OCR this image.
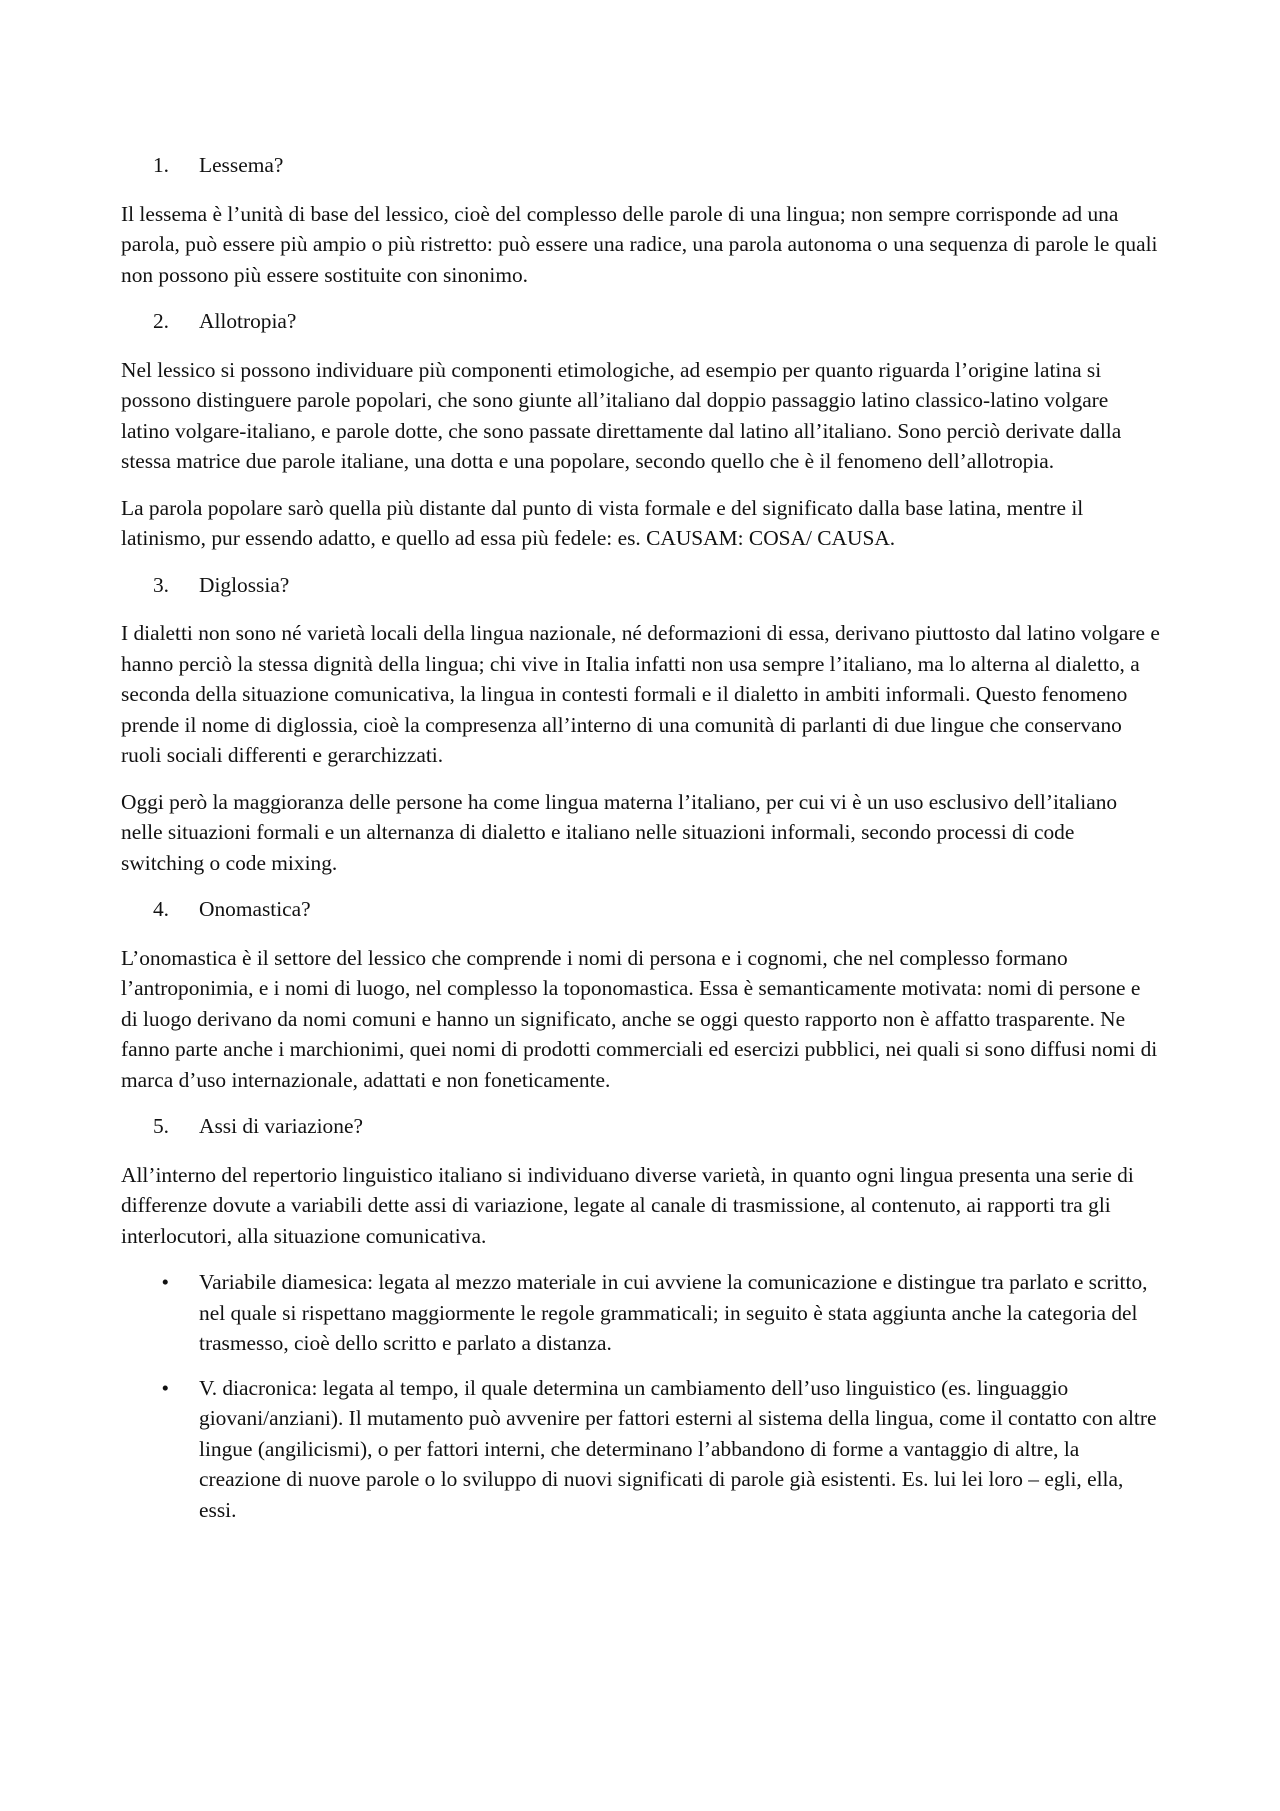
1.	Lessema?

Il lessema è l’unità di base del lessico, cioè del complesso delle parole di una lingua; non sempre corrisponde ad una parola, può essere più ampio o più ristretto: può essere una radice, una parola autonoma o una sequenza di parole le quali non possono più essere sostituite con sinonimo.

2.	Allotropia?

Nel lessico si possono individuare più componenti etimologiche, ad esempio per quanto riguarda l’origine latina si possono distinguere parole popolari, che sono giunte all’italiano dal doppio passaggio latino classico-latino volgare latino volgare-italiano, e parole dotte, che sono passate direttamente dal latino all’italiano. Sono perciò derivate dalla stessa matrice due parole italiane, una dotta e una popolare, secondo quello che è il fenomeno dell’allotropia.

La parola popolare sarò quella più distante dal punto di vista formale e del significato dalla base latina, mentre il latinismo, pur essendo adatto, e quello ad essa più fedele: es. CAUSAM: COSA/ CAUSA.

3.	Diglossia?

I dialetti non sono né varietà locali della lingua nazionale, né deformazioni di essa, derivano piuttosto dal latino volgare e hanno perciò la stessa dignità della lingua; chi vive in Italia infatti non usa sempre l’italiano, ma lo alterna al dialetto, a seconda della situazione comunicativa, la lingua in contesti formali e il dialetto in ambiti informali. Questo fenomeno prende il nome di diglossia, cioè la compresenza all’interno di una comunità di parlanti di due lingue che conservano ruoli sociali differenti e gerarchizzati.

Oggi però la maggioranza delle persone ha come lingua materna l’italiano, per cui vi è un uso esclusivo dell’italiano nelle situazioni formali e un alternanza di dialetto e italiano nelle situazioni informali, secondo processi di code switching o code mixing.

4.	Onomastica?

L’onomastica è il settore del lessico che comprende i nomi di persona e i cognomi, che nel complesso formano l’antroponimia, e i nomi di luogo, nel complesso la toponomastica. Essa è semanticamente motivata: nomi di persone e di luogo derivano da nomi comuni e hanno un significato, anche se oggi questo rapporto non è affatto trasparente. Ne fanno parte anche i marchionimi, quei nomi di prodotti commerciali ed esercizi pubblici, nei quali si sono diffusi nomi di marca d’uso internazionale, adattati e non foneticamente.

5.	Assi di variazione?

All’interno del repertorio linguistico italiano si individuano diverse varietà, in quanto ogni lingua presenta una serie di differenze dovute a variabili dette assi di variazione, legate al canale di trasmissione, al contenuto, ai rapporti tra gli interlocutori, alla situazione comunicativa.

•	Variabile diamesica: legata al mezzo materiale in cui avviene la comunicazione e distingue tra parlato e scritto, nel quale si rispettano maggiormente le regole grammaticali; in seguito è stata aggiunta anche la categoria del trasmesso, cioè dello scritto e parlato a distanza.
•	V. diacronica: legata al tempo, il quale determina un cambiamento dell’uso linguistico (es. linguaggio giovani/anziani). Il mutamento può avvenire per fattori esterni al sistema della lingua, come il contatto con altre lingue (angilicismi), o per fattori interni, che determinano l’abbandono di forme a vantaggio di altre, la creazione di nuove parole o lo sviluppo di nuovi significati di parole già esistenti. Es. lui lei loro – egli, ella, essi.
